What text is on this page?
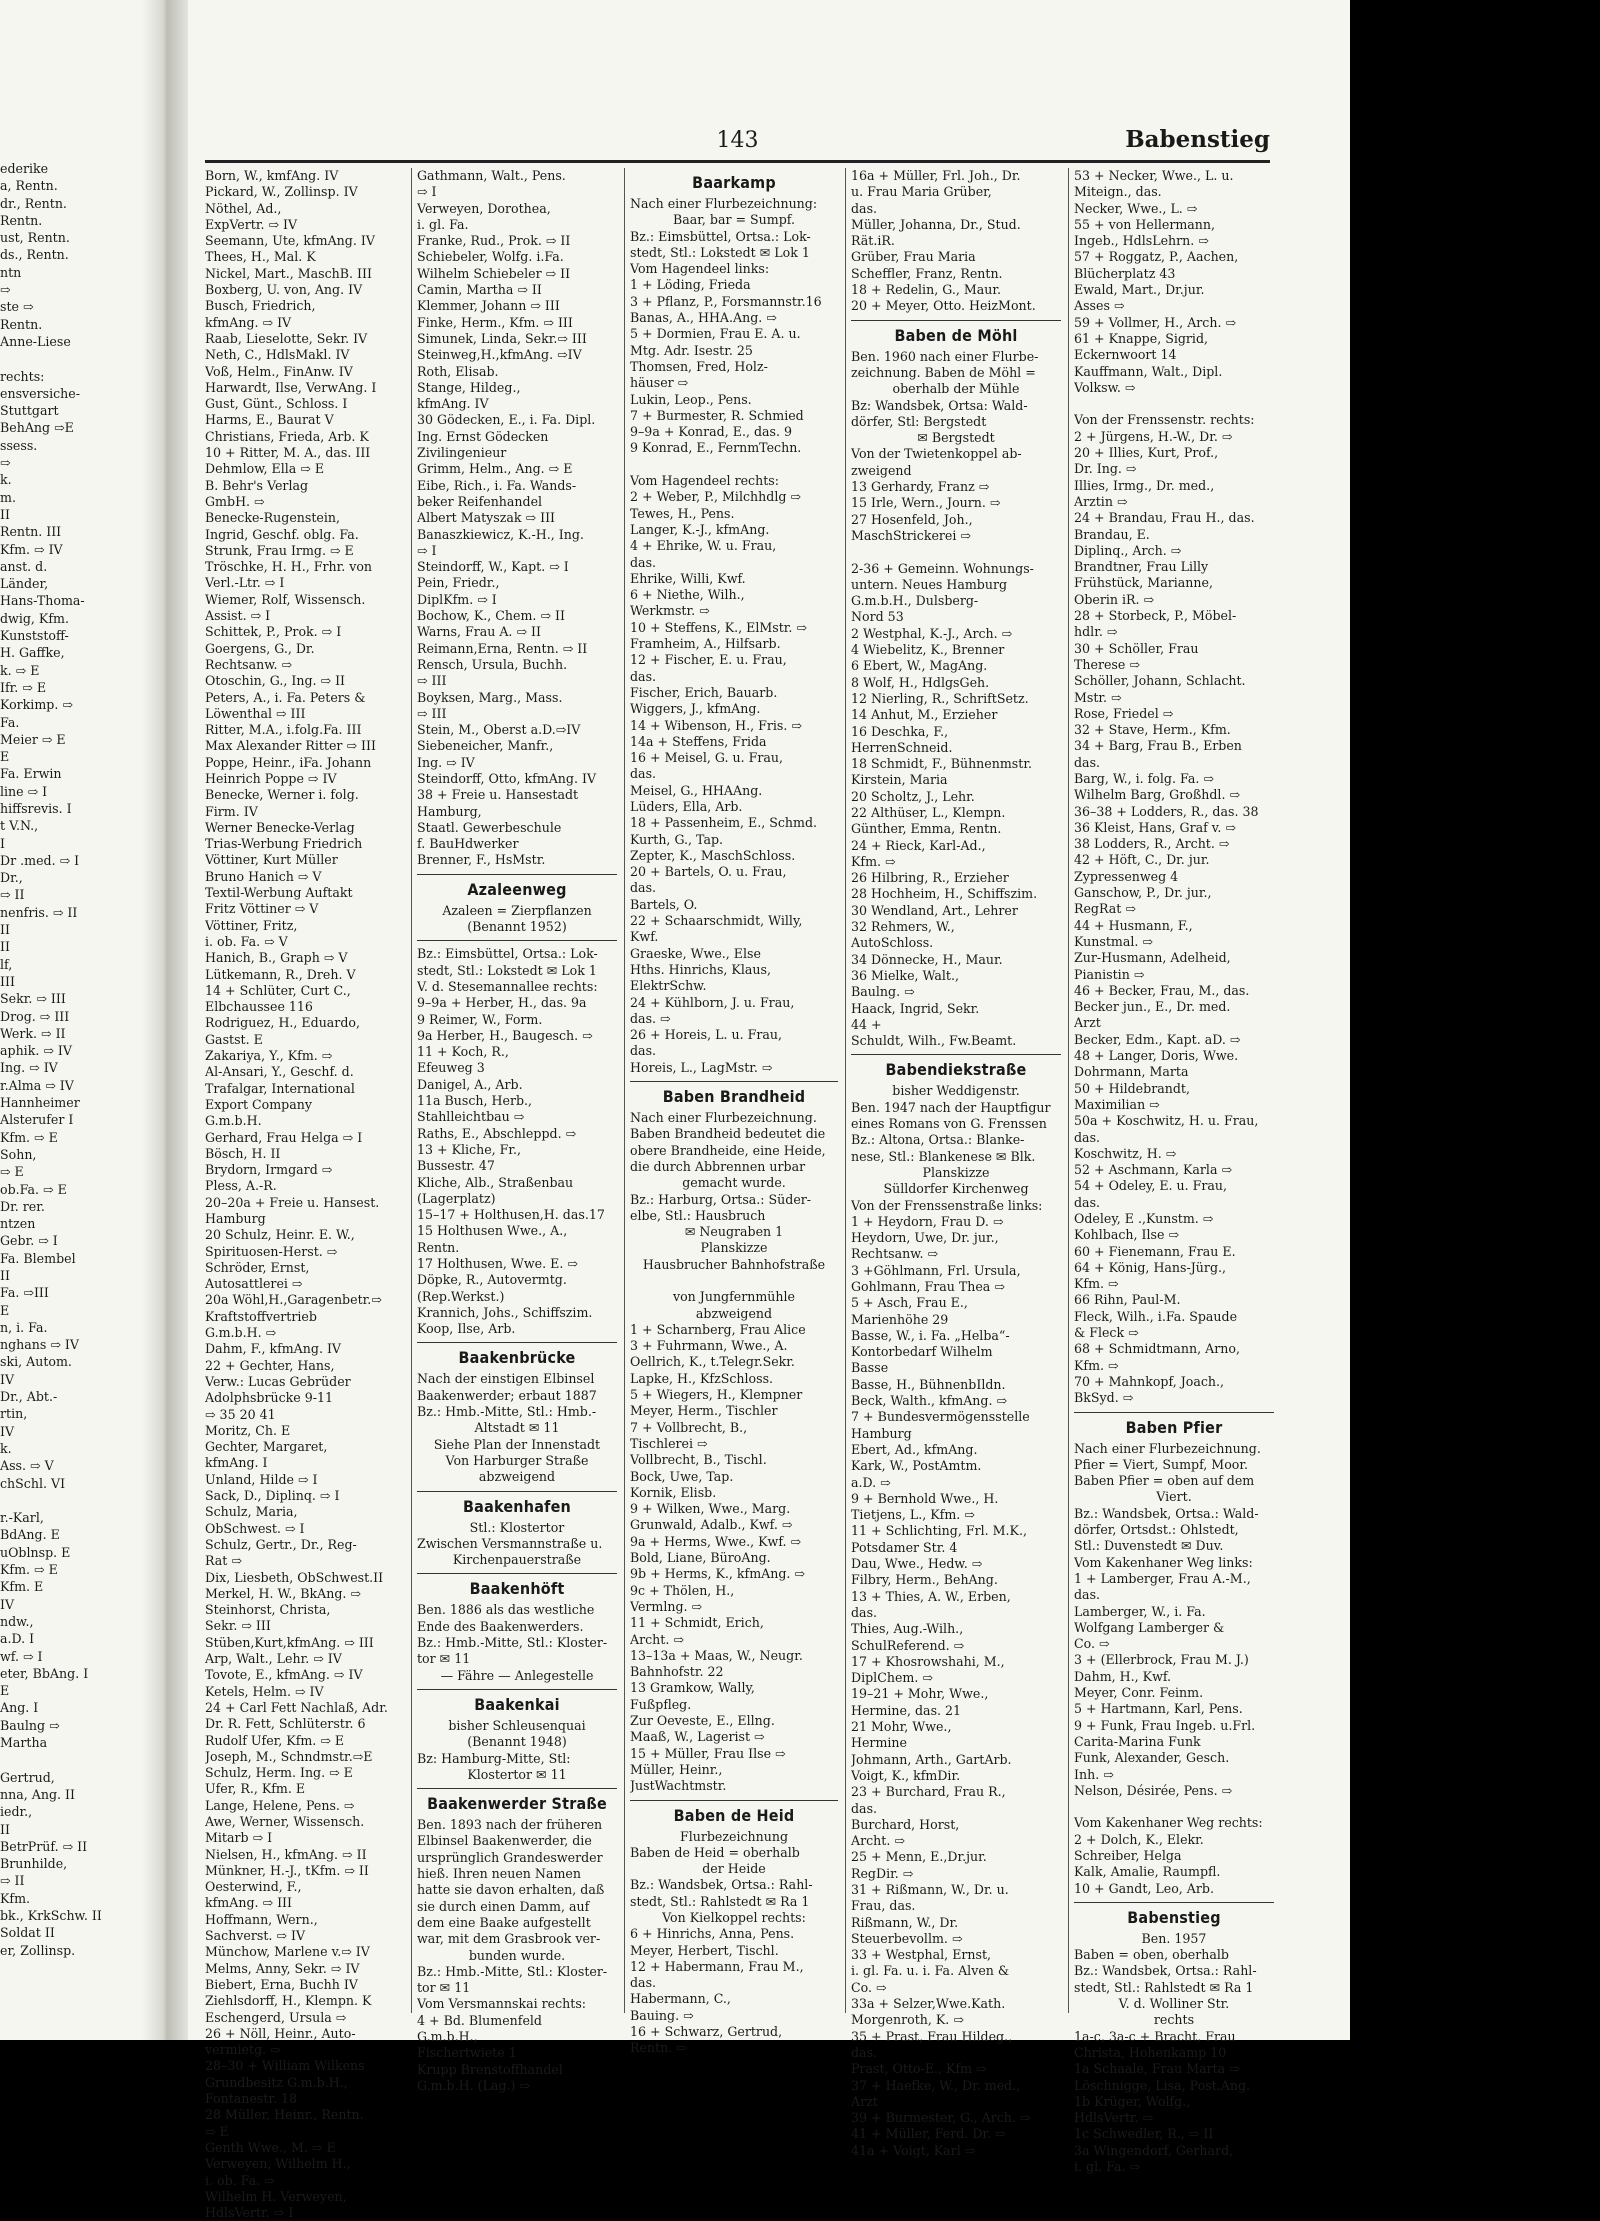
ederike
a, Rentn.
dr., Rentn.
Rentn.
ust, Rentn.
ds., Rentn.
ntn
⇨
ste ⇨
Rentn.
Anne-Liese

rechts:
ensversiche-
Stuttgart
BehAng ⇨E
ssess.
⇨
k.
m.
II
Rentn. III
Kfm. ⇨ IV
anst. d.
Länder,
Hans-Thoma-
dwig, Kfm.
Kunststoff-
H. Gaffke,
k. ⇨ E
Ifr. ⇨ E
Korkimp. ⇨
Fa.
Meier ⇨ E
E
Fa. Erwin
line ⇨ I
hiffsrevis. I
t V.N.,
I
Dr .med. ⇨ I
Dr.,
⇨ II
nenfris. ⇨ II
II
II
lf,
III
Sekr. ⇨ III
Drog. ⇨ III
Werk. ⇨ II
aphik. ⇨ IV
Ing. ⇨ IV
r.Alma ⇨ IV
Hannheimer
Alsterufer I
Kfm. ⇨ E
Sohn,
⇨ E
ob.Fa. ⇨ E
Dr. rer.
ntzen
Gebr. ⇨ I
Fa. Blembel
II
Fa. ⇨III
E
n, i. Fa.
nghans ⇨ IV
ski, Autom.
IV
Dr., Abt.-
rtin,
IV
k.
Ass. ⇨ V
chSchl. VI

r.-Karl,
BdAng. E
uOblnsp. E
Kfm. ⇨ E
Kfm. E
IV
ndw.,
a.D. I
wf. ⇨ I
eter, BbAng. I
E
Ang. I
Baulng ⇨
Martha

Gertrud,
nna, Ang. II
iedr.,
II
BetrPrüf. ⇨ II
Brunhilde,
⇨ II
Kfm.
bk., KrkSchw. II
Soldat II
er, Zollinsp.
143	Babenstieg
Born, W., kmfAng. IV
Pickard, W., Zollinsp. IV
Nöthel, Ad.,
ExpVertr. ⇨ IV
Seemann, Ute, kfmAng. IV
Thees, H., Mal. K
Nickel, Mart., MaschB. III
Boxberg, U. von, Ang. IV
Busch, Friedrich,
kfmAng. ⇨ IV
Raab, Lieselotte, Sekr. IV
Neth, C., HdlsMakl. IV
Voß, Helm., FinAnw. IV
Harwardt, Ilse, VerwAng. I
Gust, Günt., Schloss. I
Harms, E., Baurat V
Christians, Frieda, Arb. K
10 + Ritter, M. A., das. III
Dehmlow, Ella ⇨ E
B. Behr's Verlag
GmbH. ⇨
Benecke-Rugenstein,
Ingrid, Geschf. oblg. Fa.
Strunk, Frau Irmg. ⇨ E
Tröschke, H. H., Frhr. von
Verl.-Ltr. ⇨ I
Wiemer, Rolf, Wissensch.
Assist. ⇨ I
Schittek, P., Prok. ⇨ I
Goergens, G., Dr.
Rechtsanw. ⇨
Otoschin, G., Ing. ⇨ II
Peters, A., i. Fa. Peters &
Löwenthal ⇨ III
Ritter, M.A., i.folg.Fa. III
Max Alexander Ritter ⇨ III
Poppe, Heinr., iFa. Johann
Heinrich Poppe ⇨ IV
Benecke, Werner i. folg.
Firm. IV
Werner Benecke-Verlag
Trias-Werbung Friedrich
Vöttiner, Kurt Müller
Bruno Hanich ⇨ V
Textil-Werbung Auftakt
Fritz Vöttiner ⇨ V
Vöttiner, Fritz,
i. ob. Fa. ⇨ V
Hanich, B., Graph ⇨ V
Lütkemann, R., Dreh. V
14 + Schlüter, Curt C.,
Elbchaussee 116
Rodriguez, H., Eduardo,
Gastst. E
Zakariya, Y., Kfm. ⇨
Al-Ansari, Y., Geschf. d.
Trafalgar, International
Export Company
G.m.b.H.
Gerhard, Frau Helga ⇨ I
Bösch, H. II
Brydorn, Irmgard ⇨
Pless, A.-R.
20–20a + Freie u. Hansest.
Hamburg
20 Schulz, Heinr. E. W.,
Spirituosen-Herst. ⇨
Schröder, Ernst,
Autosattlerei ⇨
20a Wöhl,H.,Garagenbetr.⇨
Kraftstoffvertrieb
G.m.b.H. ⇨
Dahm, F., kfmAng. IV
22 + Gechter, Hans,
Verw.: Lucas Gebrüder
Adolphsbrücke 9-11
⇨ 35 20 41
Moritz, Ch. E
Gechter, Margaret,
kfmAng. I
Unland, Hilde ⇨ I
Sack, D., Diplinq. ⇨ I
Schulz, Maria,
ObSchwest. ⇨ I
Schulz, Gertr., Dr., Reg-
Rat ⇨
Dix, Liesbeth, ObSchwest.II
Merkel, H. W., BkAng. ⇨
Steinhorst, Christa,
Sekr. ⇨ III
Stüben,Kurt,kfmAng. ⇨ III
Arp, Walt., Lehr. ⇨ IV
Tovote, E., kfmAng. ⇨ IV
Ketels, Helm. ⇨ IV
24 + Carl Fett Nachlaß, Adr.
Dr. R. Fett, Schlüterstr. 6
Rudolf Ufer, Kfm. ⇨ E
Joseph, M., Schndmstr.⇨E
Schulz, Herm. Ing. ⇨ E
Ufer, R., Kfm. E
Lange, Helene, Pens. ⇨
Awe, Werner, Wissensch.
Mitarb ⇨ I
Nielsen, H., kfmAng. ⇨ II
Münkner, H.-J., tKfm. ⇨ II
Oesterwind, F.,
kfmAng. ⇨ III
Hoffmann, Wern.,
Sachverst. ⇨ IV
Münchow, Marlene v.⇨ IV
Melms, Anny, Sekr. ⇨ IV
Biebert, Erna, Buchh IV
Ziehlsdorff, H., Klempn. K
Eschengerd, Ursula ⇨
26 + Nöll, Heinr., Auto-
vermietg. ⇨
28–30 + William Wilkens
Grundbesitz G.m.b.H.,
Fontanestr. 18
28 Müller, Heinr., Rentn.
⇨ E
Genth Wwe., M. ⇨ E
Verweyen, Wilhelm H.,
i. ob. Fa. ⇨
Wilhelm H. Verweyen,
HdlsVertr. ⇨ I
Gathmann, Walt., Pens.
⇨ I
Verweyen, Dorothea,
i. gl. Fa.
Franke, Rud., Prok. ⇨ II
Schiebeler, Wolfg. i.Fa.
Wilhelm Schiebeler ⇨ II
Camin, Martha ⇨ II
Klemmer, Johann ⇨ III
Finke, Herm., Kfm. ⇨ III
Simunek, Linda, Sekr.⇨ III
Steinweg,H.,kfmAng. ⇨IV
Roth, Elisab.
Stange, Hildeg.,
kfmAng. IV
30 Gödecken, E., i. Fa. Dipl.
Ing. Ernst Gödecken
Zivilingenieur
Grimm, Helm., Ang. ⇨ E
Eibe, Rich., i. Fa. Wands-
beker Reifenhandel
Albert Matyszak ⇨ III
Banaszkiewicz, K.-H., Ing.
⇨ I
Steindorff, W., Kapt. ⇨ I
Pein, Friedr.,
DiplKfm. ⇨ I
Bochow, K., Chem. ⇨ II
Warns, Frau A. ⇨ II
Reimann,Erna, Rentn. ⇨ II
Rensch, Ursula, Buchh.
⇨ III
Boyksen, Marg., Mass.
⇨ III
Stein, M., Oberst a.D.⇨IV
Siebeneicher, Manfr.,
Ing. ⇨ IV
Steindorff, Otto, kfmAng. IV
38 + Freie u. Hansestadt
Hamburg,
Staatl. Gewerbeschule
f. BauHdwerker
Brenner, F., HsMstr.
Azaleenweg
Azaleen = Zierpflanzen
(Benannt 1952)
Bz.: Eimsbüttel, Ortsa.: Lok-
stedt, Stl.: Lokstedt ✉ Lok 1
V. d. Stesemannallee rechts:
9–9a + Herber, H., das. 9a
9 Reimer, W., Form.
9a Herber, H., Baugesch. ⇨
11 + Koch, R.,
Efeuweg 3
Danigel, A., Arb.
11a Busch, Herb.,
Stahlleichtbau ⇨
Raths, E., Abschleppd. ⇨
13 + Kliche, Fr.,
Bussestr. 47
Kliche, Alb., Straßenbau
(Lagerplatz)
15–17 + Holthusen,H. das.17
15 Holthusen Wwe., A.,
Rentn.
17 Holthusen, Wwe. E. ⇨
Döpke, R., Autovermtg.
(Rep.Werkst.)
Krannich, Johs., Schiffszim.
Koop, Ilse, Arb.
Baakenbrücke
Nach der einstigen Elbinsel
Baakenwerder; erbaut 1887
Bz.: Hmb.-Mitte, Stl.: Hmb.-
Altstadt ✉ 11
Siehe Plan der Innenstadt
Von Harburger Straße
abzweigend
Baakenhafen
Stl.: Klostertor
Zwischen Versmannstraße u.
Kirchenpauerstraße
Baakenhöft
Ben. 1886 als das westliche
Ende des Baakenwerders.
Bz.: Hmb.-Mitte, Stl.: Kloster-
tor ✉ 11
— Fähre — Anlegestelle
Baakenkai
bisher Schleusenquai
(Benannt 1948)
Bz: Hamburg-Mitte, Stl:
Klostertor ✉ 11
Baakenwerder Straße
Ben. 1893 nach der früheren
Elbinsel Baakenwerder, die
ursprünglich Grandeswerder
hieß. Ihren neuen Namen
hatte sie davon erhalten, daß
sie durch einen Damm, auf
dem eine Baake aufgestellt
war, mit dem Grasbrook ver-
bunden wurde.
Bz.: Hmb.-Mitte, Stl.: Kloster-
tor ✉ 11
Vom Versmannskai rechts:
4 + Bd. Blumenfeld
G.m.b.H.,
Fischertwiete 1
Krupp Brenstoffhandel
G.m.b.H. (Lag.) ⇨
Baarkamp
Nach einer Flurbezeichnung:
Baar, bar = Sumpf.
Bz.: Eimsbüttel, Ortsa.: Lok-
stedt, Stl.: Lokstedt ✉ Lok 1
Vom Hagendeel links:
1 + Löding, Frieda
3 + Pflanz, P., Forsmannstr.16
Banas, A., HHA.Ang. ⇨
5 + Dormien, Frau E. A. u.
Mtg. Adr. Isestr. 25
Thomsen, Fred, Holz-
häuser ⇨
Lukin, Leop., Pens.
7 + Burmester, R. Schmied
9–9a + Konrad, E., das. 9
9 Konrad, E., FernmTechn.

Vom Hagendeel rechts:
2 + Weber, P., Milchhdlg ⇨
Tewes, H., Pens.
Langer, K.-J., kfmAng.
4 + Ehrike, W. u. Frau,
das.
Ehrike, Willi, Kwf.
6 + Niethe, Wilh.,
Werkmstr. ⇨
10 + Steffens, K., ElMstr. ⇨
Framheim, A., Hilfsarb.
12 + Fischer, E. u. Frau,
das.
Fischer, Erich, Bauarb.
Wiggers, J., kfmAng.
14 + Wibenson, H., Fris. ⇨
14a + Steffens, Frida
16 + Meisel, G. u. Frau,
das.
Meisel, G., HHAAng.
Lüders, Ella, Arb.
18 + Passenheim, E., Schmd.
Kurth, G., Tap.
Zepter, K., MaschSchloss.
20 + Bartels, O. u. Frau,
das.
Bartels, O.
22 + Schaarschmidt, Willy,
Kwf.
Graeske, Wwe., Else
Hths. Hinrichs, Klaus,
ElektrSchw.
24 + Kühlborn, J. u. Frau,
das. ⇨
26 + Horeis, L. u. Frau,
das.
Horeis, L., LagMstr. ⇨
Baben Brandheid
Nach einer Flurbezeichnung.
Baben Brandheid bedeutet die
obere Brandheide, eine Heide,
die durch Abbrennen urbar
gemacht wurde.
Bz.: Harburg, Ortsa.: Süder-
elbe, Stl.: Hausbruch
✉ Neugraben 1
Planskizze
Hausbrucher Bahnhofstraße

von Jungfernmühle
abzweigend
1 + Scharnberg, Frau Alice
3 + Fuhrmann, Wwe., A.
Oellrich, K., t.Telegr.Sekr.
Lapke, H., KfzSchloss.
5 + Wiegers, H., Klempner
Meyer, Herm., Tischler
7 + Vollbrecht, B.,
Tischlerei ⇨
Vollbrecht, B., Tischl.
Bock, Uwe, Tap.
Kornik, Elisb.
9 + Wilken, Wwe., Marg.
Grunwald, Adalb., Kwf. ⇨
9a + Herms, Wwe., Kwf. ⇨
Bold, Liane, BüroAng.
9b + Herms, K., kfmAng. ⇨
9c + Thölen, H.,
Vermlng. ⇨
11 + Schmidt, Erich,
Archt. ⇨
13–13a + Maas, W., Neugr.
Bahnhofstr. 22
13 Gramkow, Wally,
Fußpfleg.
Zur Oeveste, E., Ellng.
Maaß, W., Lagerist ⇨
15 + Müller, Frau Ilse ⇨
Müller, Heinr.,
JustWachtmstr.
Baben de Heid
Flurbezeichnung
Baben de Heid = oberhalb
der Heide
Bz.: Wandsbek, Ortsa.: Rahl-
stedt, Stl.: Rahlstedt ✉ Ra 1
Von Kielkoppel rechts:
6 + Hinrichs, Anna, Pens.
Meyer, Herbert, Tischl.
12 + Habermann, Frau M.,
das.
Habermann, C.,
Bauing. ⇨
16 + Schwarz, Gertrud,
Rentn. ⇨
16a + Müller, Frl. Joh., Dr.
u. Frau Maria Grüber,
das.
Müller, Johanna, Dr., Stud.
Rät.iR.
Grüber, Frau Maria
Scheffler, Franz, Rentn.
18 + Redelin, G., Maur.
20 + Meyer, Otto. HeizMont.
Baben de Möhl
Ben. 1960 nach einer Flurbe-
zeichnung. Baben de Möhl =
oberhalb der Mühle
Bz: Wandsbek, Ortsa: Wald-
dörfer, Stl: Bergstedt
✉ Bergstedt
Von der Twietenkoppel ab-
zweigend
13 Gerhardy, Franz ⇨
15 Irle, Wern., Journ. ⇨
27 Hosenfeld, Joh.,
MaschStrickerei ⇨

2-36 + Gemeinn. Wohnungs-
untern. Neues Hamburg
G.m.b.H., Dulsberg-
Nord 53
2 Westphal, K.-J., Arch. ⇨
4 Wiebelitz, K., Brenner
6 Ebert, W., MagAng.
8 Wolf, H., HdlgsGeh.
12 Nierling, R., SchriftSetz.
14 Anhut, M., Erzieher
16 Deschka, F.,
HerrenSchneid.
18 Schmidt, F., Bühnenmstr.
Kirstein, Maria
20 Scholtz, J., Lehr.
22 Althüser, L., Klempn.
Günther, Emma, Rentn.
24 + Rieck, Karl-Ad.,
Kfm. ⇨
26 Hilbring, R., Erzieher
28 Hochheim, H., Schiffszim.
30 Wendland, Art., Lehrer
32 Rehmers, W.,
AutoSchloss.
34 Dönnecke, H., Maur.
36 Mielke, Walt.,
Baulng. ⇨
Haack, Ingrid, Sekr.
44 +
Schuldt, Wilh., Fw.Beamt.
Babendiekstraße
bisher Weddigenstr.
Ben. 1947 nach der Hauptfigur
eines Romans von G. Frenssen
Bz.: Altona, Ortsa.: Blanke-
nese, Stl.: Blankenese ✉ Blk.
Planskizze
Sülldorfer Kirchenweg
Von der Frenssenstraße links:
1 + Heydorn, Frau D. ⇨
Heydorn, Uwe, Dr. jur.,
Rechtsanw. ⇨
3 +Göhlmann, Frl. Ursula,
Gohlmann, Frau Thea ⇨
5 + Asch, Frau E.,
Marienhöhe 29
Basse, W., i. Fa. „Helba“-
Kontorbedarf Wilhelm
Basse
Basse, H., BühnenbIldn.
Beck, Walth., kfmAng. ⇨
7 + Bundesvermögensstelle
Hamburg
Ebert, Ad., kfmAng.
Kark, W., PostAmtm.
a.D. ⇨
9 + Bernhold Wwe., H.
Tietjens, L., Kfm. ⇨
11 + Schlichting, Frl. M.K.,
Potsdamer Str. 4
Dau, Wwe., Hedw. ⇨
Filbry, Herm., BehAng.
13 + Thies, A. W., Erben,
das.
Thies, Aug.-Wilh.,
SchulReferend. ⇨
17 + Khosrowshahi, M.,
DiplChem. ⇨
19–21 + Mohr, Wwe.,
Hermine, das. 21
21 Mohr, Wwe.,
Hermine
Johmann, Arth., GartArb.
Voigt, K., kfmDir.
23 + Burchard, Frau R.,
das.
Burchard, Horst,
Archt. ⇨
25 + Menn, E.,Dr.jur.
RegDir. ⇨
31 + Rißmann, W., Dr. u.
Frau, das.
Rißmann, W., Dr.
Steuerbevollm. ⇨
33 + Westphal, Ernst,
i. gl. Fa. u. i. Fa. Alven &
Co. ⇨
33a + Selzer,Wwe.Kath.
Morgenroth, K. ⇨
35 + Prast, Frau Hildeg.,
das.
Prast, Otto-E., Kfm ⇨
37 + Haefke, W., Dr. med.,
Arzt
39 + Burmester, G., Arch. ⇨
41 + Müller, Ferd. Dr. ⇨
41a + Voigt, Karl ⇨
53 + Necker, Wwe., L. u.
Miteign., das.
Necker, Wwe., L. ⇨
55 + von Hellermann,
Ingeb., HdlsLehrn. ⇨
57 + Roggatz, P., Aachen,
Blücherplatz 43
Ewald, Mart., Dr.jur.
Asses ⇨
59 + Vollmer, H., Arch. ⇨
61 + Knappe, Sigrid,
Eckernwoort 14
Kauffmann, Walt., Dipl.
Volksw. ⇨

Von der Frenssenstr. rechts:
2 + Jürgens, H.-W., Dr. ⇨
20 + Illies, Kurt, Prof.,
Dr. Ing. ⇨
Illies, Irmg., Dr. med.,
Arztin ⇨
24 + Brandau, Frau H., das.
Brandau, E.
Diplinq., Arch. ⇨
Brandtner, Frau Lilly
Frühstück, Marianne,
Oberin iR. ⇨
28 + Storbeck, P., Möbel-
hdlr. ⇨
30 + Schöller, Frau
Therese ⇨
Schöller, Johann, Schlacht.
Mstr. ⇨
Rose, Friedel ⇨
32 + Stave, Herm., Kfm.
34 + Barg, Frau B., Erben
das.
Barg, W., i. folg. Fa. ⇨
Wilhelm Barg, Großhdl. ⇨
36–38 + Lodders, R., das. 38
36 Kleist, Hans, Graf v. ⇨
38 Lodders, R., Archt. ⇨
42 + Höft, C., Dr. jur.
Zypressenweg 4
Ganschow, P., Dr. jur.,
RegRat ⇨
44 + Husmann, F.,
Kunstmal. ⇨
Zur-Husmann, Adelheid,
Pianistin ⇨
46 + Becker, Frau, M., das.
Becker jun., E., Dr. med.
Arzt
Becker, Edm., Kapt. aD. ⇨
48 + Langer, Doris, Wwe.
Dohrmann, Marta
50 + Hildebrandt,
Maximilian ⇨
50a + Koschwitz, H. u. Frau,
das.
Koschwitz, H. ⇨
52 + Aschmann, Karla ⇨
54 + Odeley, E. u. Frau,
das.
Odeley, E .,Kunstm. ⇨
Kohlbach, Ilse ⇨
60 + Fienemann, Frau E.
64 + König, Hans-Jürg.,
Kfm. ⇨
66 Rihn, Paul-M.
Fleck, Wilh., i.Fa. Spaude
& Fleck ⇨
68 + Schmidtmann, Arno,
Kfm. ⇨
70 + Mahnkopf, Joach.,
BkSyd. ⇨
Baben Pfier
Nach einer Flurbezeichnung.
Pfier = Viert, Sumpf, Moor.
Baben Pfier = oben auf dem
Viert.
Bz.: Wandsbek, Ortsa.: Wald-
dörfer, Ortsdst.: Ohlstedt,
Stl.: Duvenstedt ✉ Duv.
Vom Kakenhaner Weg links:
1 + Lamberger, Frau A.-M.,
das.
Lamberger, W., i. Fa.
Wolfgang Lamberger &
Co. ⇨
3 + (Ellerbrock, Frau M. J.)
Dahm, H., Kwf.
Meyer, Conr. Feinm.
5 + Hartmann, Karl, Pens.
9 + Funk, Frau Ingeb. u.Frl.
Carita-Marina Funk
Funk, Alexander, Gesch.
Inh. ⇨
Nelson, Désirée, Pens. ⇨

Vom Kakenhaner Weg rechts:
2 + Dolch, K., Elekr.
Schreiber, Helga
Kalk, Amalie, Raumpfl.
10 + Gandt, Leo, Arb.
Babenstieg
Ben. 1957
Baben = oben, oberhalb
Bz.: Wandsbek, Ortsa.: Rahl-
stedt, Stl.: Rahlstedt ✉ Ra 1
V. d. Wolliner Str.
rechts
1a-c, 3a-c + Bracht, Frau
Christa, Hohenkamp 10
1a Schaale, Frau Marta ⇨
Löschnigge, Lisa, Post.Ang.
1b Krüger, Wolfg.,
HdlsVertr. ⇨
1c Schwedler, R., ⇨ II
3a Wingendorf, Gerhard,
i. gl. Fa. ⇨
